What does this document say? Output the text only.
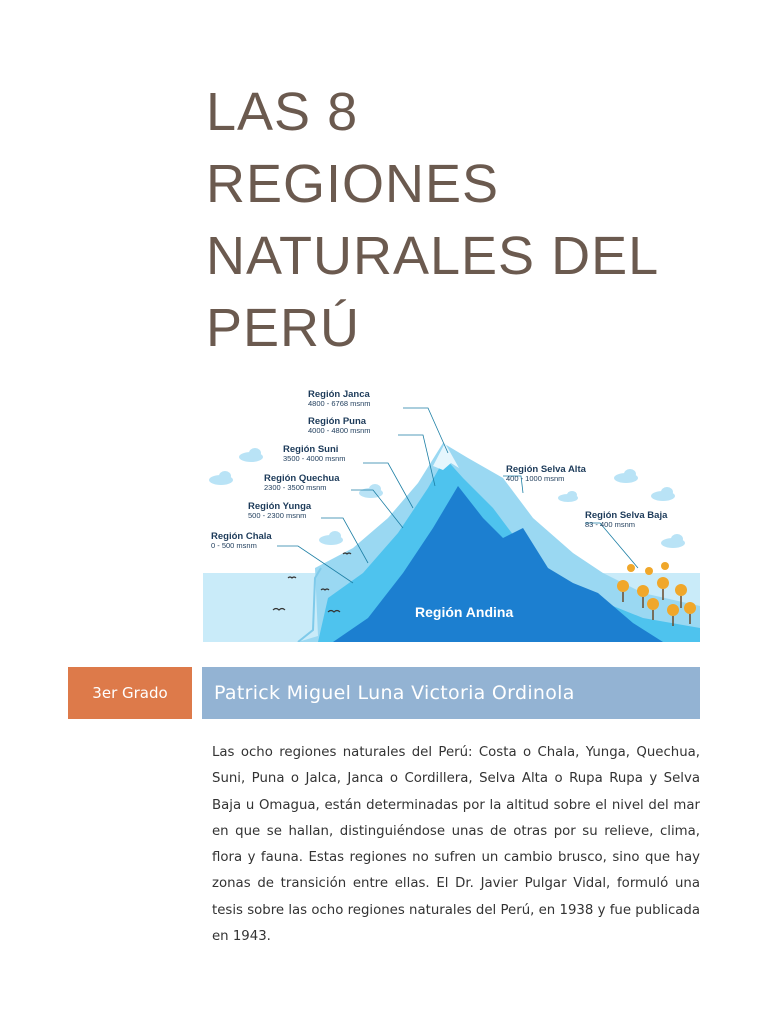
LAS 8
REGIONES
NATURALES DEL
PERÚ
Región Janca
4800 - 6768 msnm
Región Puna
4000 - 4800 msnm
Región Suni
3500 - 4000 msnm
Región Quechua
2300 - 3500 msnm
Región Yunga
500 - 2300 msnm
Región Chala
0 - 500 msnm
Región Selva Alta
400 - 1000 msnm
Región Selva Baja
83 - 400 msnm
Región Andina
3er Grado	Patrick Miguel Luna Victoria Ordinola

Las ocho regiones naturales del Perú: Costa o Chala, Yunga, Quechua, Suni, Puna o Jalca, Janca o Cordillera, Selva Alta o Rupa Rupa y Selva Baja u Omagua, están determinadas por la altitud sobre el nivel del mar en que se hallan, distinguiéndose unas de otras por su relieve, clima, flora y fauna. Estas regiones no sufren un cambio brusco, sino que hay zonas de transición entre ellas. El Dr. Javier Pulgar Vidal, formuló una tesis sobre las ocho regiones naturales del Perú, en 1938 y fue publicada en 1943.
